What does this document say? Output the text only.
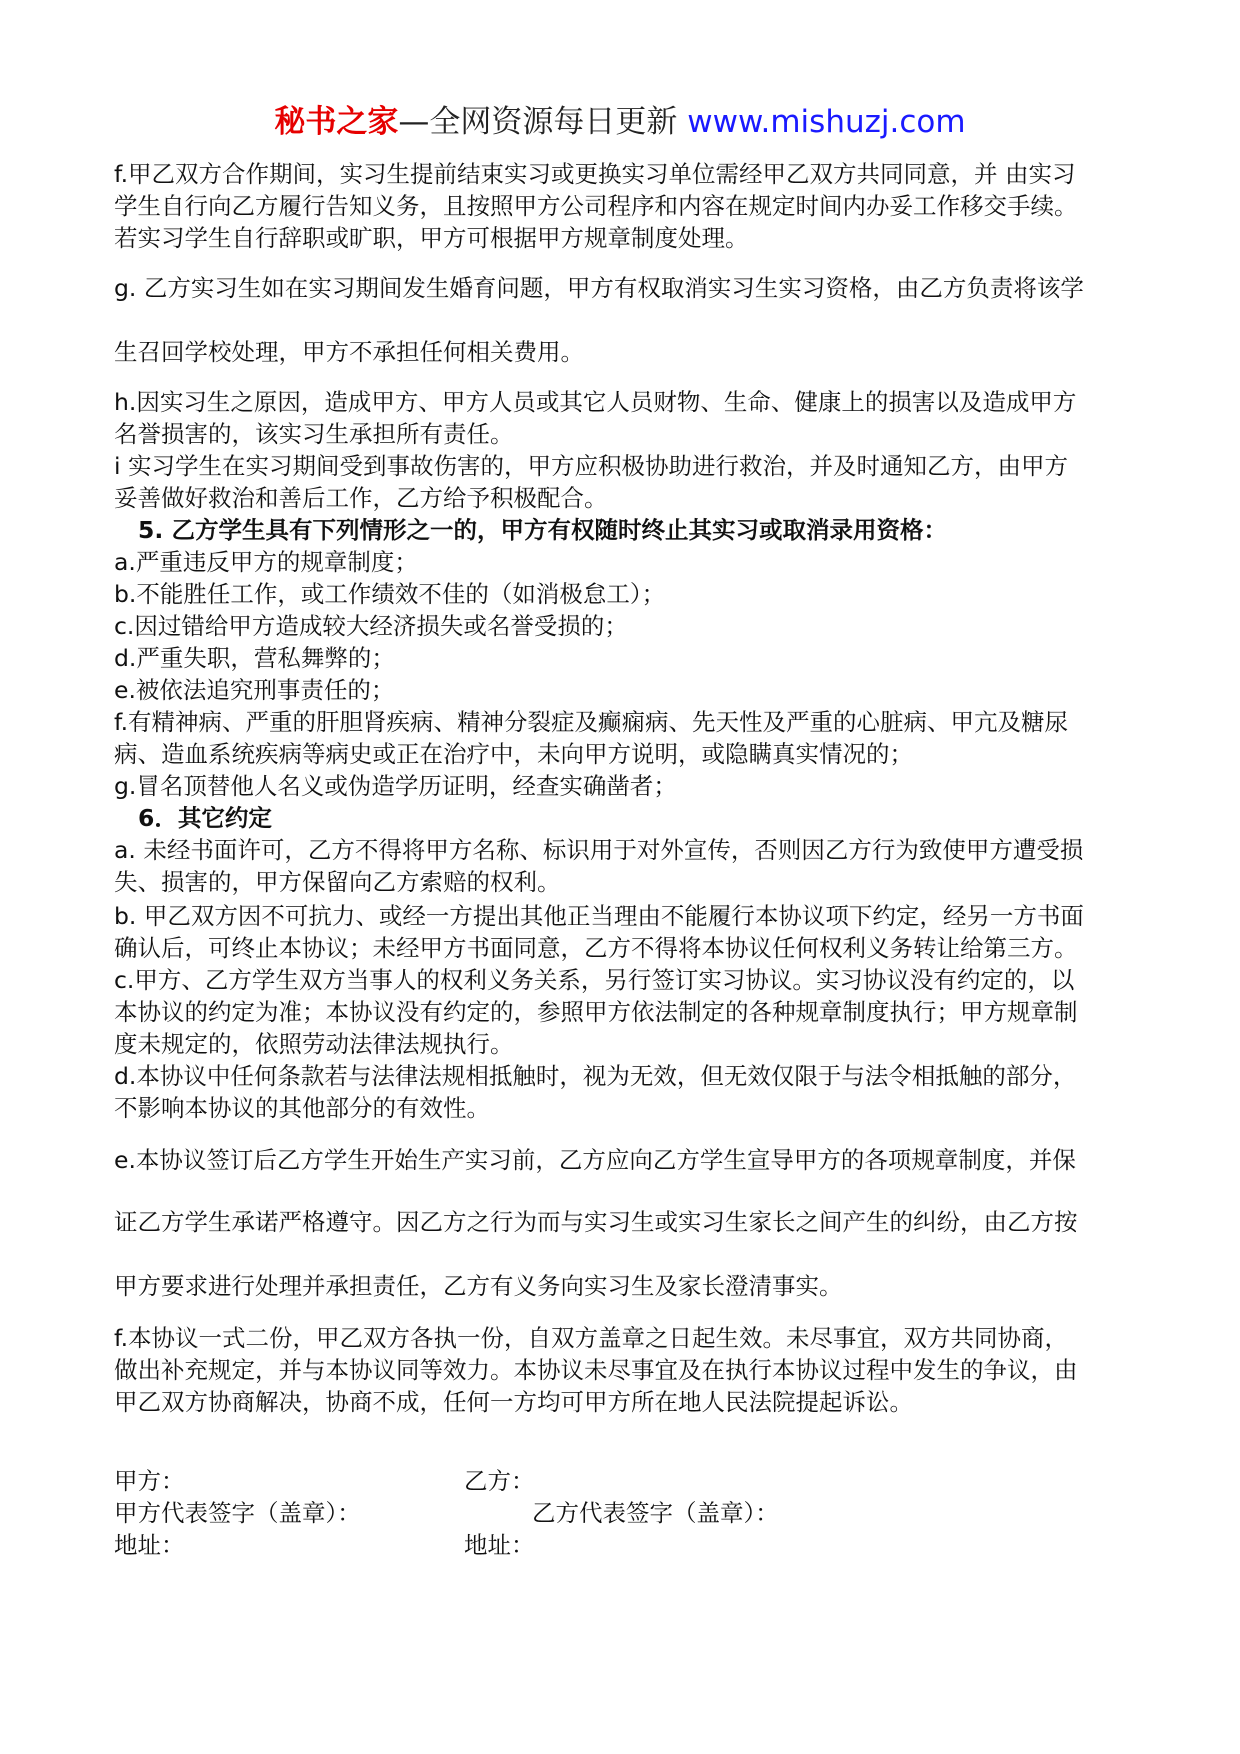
秘书之家—全网资源每日更新 www.mishuzj.com
f.甲乙双方合作期间，实习生提前结束实习或更换实习单位需经甲乙双方共同同意，并 由实习
学生自行向乙方履行告知义务，且按照甲方公司程序和内容在规定时间内办妥工作移交手续。
若实习学生自行辞职或旷职，甲方可根据甲方规章制度处理。
g. 乙方实习生如在实习期间发生婚育问题，甲方有权取消实习生实习资格，由乙方负责将该学
生召回学校处理，甲方不承担任何相关费用。
h.因实习生之原因，造成甲方、甲方人员或其它人员财物、生命、健康上的损害以及造成甲方
名誉损害的，该实习生承担所有责任。
i 实习学生在实习期间受到事故伤害的，甲方应积极协助进行救治，并及时通知乙方，由甲方
妥善做好救治和善后工作，乙方给予积极配合。
5. 乙方学生具有下列情形之一的，甲方有权随时终止其实习或取消录用资格：
a.严重违反甲方的规章制度；
b.不能胜任工作，或工作绩效不佳的（如消极怠工）；
c.因过错给甲方造成较大经济损失或名誉受损的；
d.严重失职，营私舞弊的；
e.被依法追究刑事责任的；
f.有精神病、严重的肝胆肾疾病、精神分裂症及癫痫病、先天性及严重的心脏病、甲亢及糖尿
病、造血系统疾病等病史或正在治疗中，未向甲方说明，或隐瞒真实情况的；
g.冒名顶替他人名义或伪造学历证明，经查实确凿者；
6．其它约定
a. 未经书面许可，乙方不得将甲方名称、标识用于对外宣传，否则因乙方行为致使甲方遭受损
失、损害的，甲方保留向乙方索赔的权利。
b. 甲乙双方因不可抗力、或经一方提出其他正当理由不能履行本协议项下约定，经另一方书面
确认后，可终止本协议；未经甲方书面同意，乙方不得将本协议任何权利义务转让给第三方。
c.甲方、乙方学生双方当事人的权利义务关系，另行签订实习协议。实习协议没有约定的，以
本协议的约定为准；本协议没有约定的，参照甲方依法制定的各种规章制度执行；甲方规章制
度未规定的，依照劳动法律法规执行。
d.本协议中任何条款若与法律法规相抵触时，视为无效，但无效仅限于与法令相抵触的部分，
不影响本协议的其他部分的有效性。
e.本协议签订后乙方学生开始生产实习前，乙方应向乙方学生宣导甲方的各项规章制度，并保
证乙方学生承诺严格遵守。因乙方之行为而与实习生或实习生家长之间产生的纠纷，由乙方按
甲方要求进行处理并承担责任，乙方有义务向实习生及家长澄清事实。
f.本协议一式二份，甲乙双方各执一份，自双方盖章之日起生效。未尽事宜，双方共同协商，
做出补充规定，并与本协议同等效力。本协议未尽事宜及在执行本协议过程中发生的争议，由
甲乙双方协商解决，协商不成，任何一方均可甲方所在地人民法院提起诉讼。
甲方：	乙方：
甲方代表签字（盖章）：	乙方代表签字（盖章）：
地址：	地址：
